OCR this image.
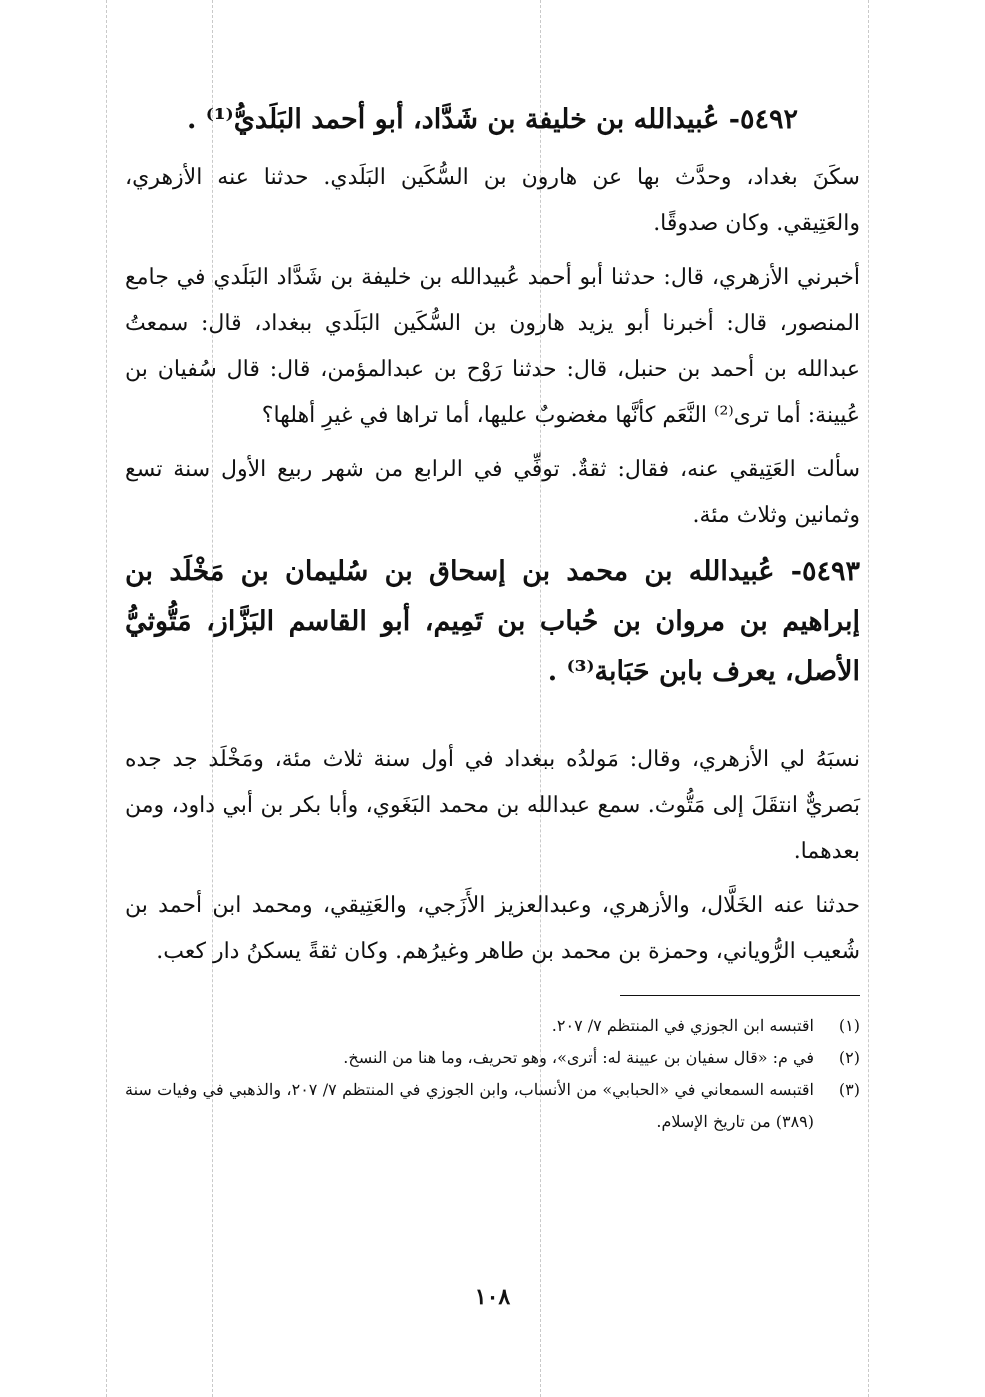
٥٤٩٢- عُبيدالله بن خليفة بن شَدَّاد، أبو أحمد البَلَديُّ⁽¹⁾ .

سكَنَ بغداد، وحدَّث بها عن هارون بن السُّكَين البَلَدي. حدثنا عنه الأزهري، والعَتِيقي. وكان صدوقًا.

أخبرني الأزهري، قال: حدثنا أبو أحمد عُبيدالله بن خليفة بن شَدَّاد البَلَدي في جامع المنصور، قال: أخبرنا أبو يزيد هارون بن السُّكَين البَلَدي ببغداد، قال: سمعتُ عبدالله بن أحمد بن حنبل، قال: حدثنا رَوْح بن عبدالمؤمن، قال: قال سُفيان بن عُيينة: أما ترى⁽²⁾ النَّعَم كأنَّها مغضوبٌ عليها، أما تراها في غيرِ أهلها؟

سألت العَتِيقي عنه، فقال: ثقةٌ. توفِّي في الرابع من شهر ربيع الأول سنة تسع وثمانين وثلاث مئة.

٥٤٩٣- عُبيدالله بن محمد بن إسحاق بن سُليمان بن مَخْلَد بن إبراهيم بن مروان بن حُباب بن تَمِيم، أبو القاسم البَزَّاز، مَتُّوثيُّ الأصل، يعرف بابن حَبَابة⁽³⁾ .

نسبَهُ لي الأزهري، وقال: مَولدُه ببغداد في أول سنة ثلاث مئة، ومَخْلَد جد جده بَصريٌّ انتقَلَ إلى مَتُّوث. سمع عبدالله بن محمد البَغَوي، وأبا بكر بن أبي داود، ومن بعدهما.

حدثنا عنه الخَلَّال، والأزهري، وعبدالعزيز الأَزَجي، والعَتِيقي، ومحمد ابن أحمد بن شُعيب الرُّوياني، وحمزة بن محمد بن طاهر وغيرُهم. وكان ثقةً يسكنُ دار كعب.

(١)
اقتبسه ابن الجوزي في المنتظم ٧/ ٢٠٧.
(٢)
في م: «قال سفيان بن عيينة له: أترى»، وهو تحريف، وما هنا من النسخ.
(٣)
اقتبسه السمعاني في «الحبابي» من الأنساب، وابن الجوزي في المنتظم ٧/ ٢٠٧، والذهبي في وفيات سنة (٣٨٩) من تاريخ الإسلام.
١٠٨
